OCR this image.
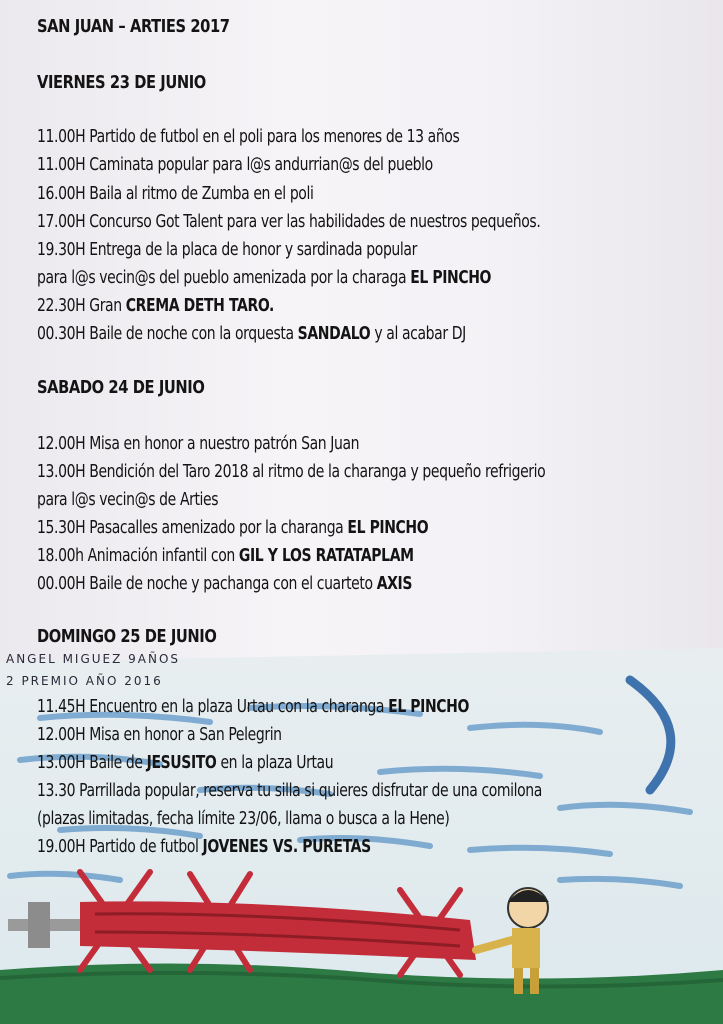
SAN JUAN – ARTIES 2017
VIERNES 23 DE JUNIO

11.00H Partido de futbol en el poli para los menores de 13 años

11.00H Caminata popular para l@s andurrian@s del pueblo

16.00H Baila al ritmo de Zumba en el poli

17.00H Concurso Got Talent para ver las habilidades de nuestros pequeños.

19.30H Entrega de la placa de honor y sardinada popular

para l@s vecin@s del pueblo amenizada por la charaga EL PINCHO

22.30H Gran CREMA DETH TARO.

00.30H Baile de noche con la orquesta SANDALO y al acabar DJ

SABADO 24 DE JUNIO

12.00H Misa en honor a nuestro patrón San Juan

13.00H Bendición del Taro 2018 al ritmo de la charanga y pequeño refrigerio

para l@s vecin@s de Arties

15.30H Pasacalles amenizado por la charanga EL PINCHO

18.00h Animación infantil con GIL Y LOS RATATAPLAM

00.00H Baile de noche y pachanga con el cuarteto AXIS

DOMINGO 25 DE JUNIO

11.45H Encuentro en la plaza Urtau con la charanga EL PINCHO

12.00H Misa en honor a San Pelegrin

13.00H Baile de JESUSITO en la plaza Urtau

13.30 Parrillada popular, reserva tu silla si quieres disfrutar de una comilona

(plazas limitadas, fecha límite 23/06, llama o busca a la Hene)

19.00H Partido de futbol JOVENES VS. PURETAS

ANGEL MIGUEZ 9AÑOS
2 PREMIO AÑO 2016
